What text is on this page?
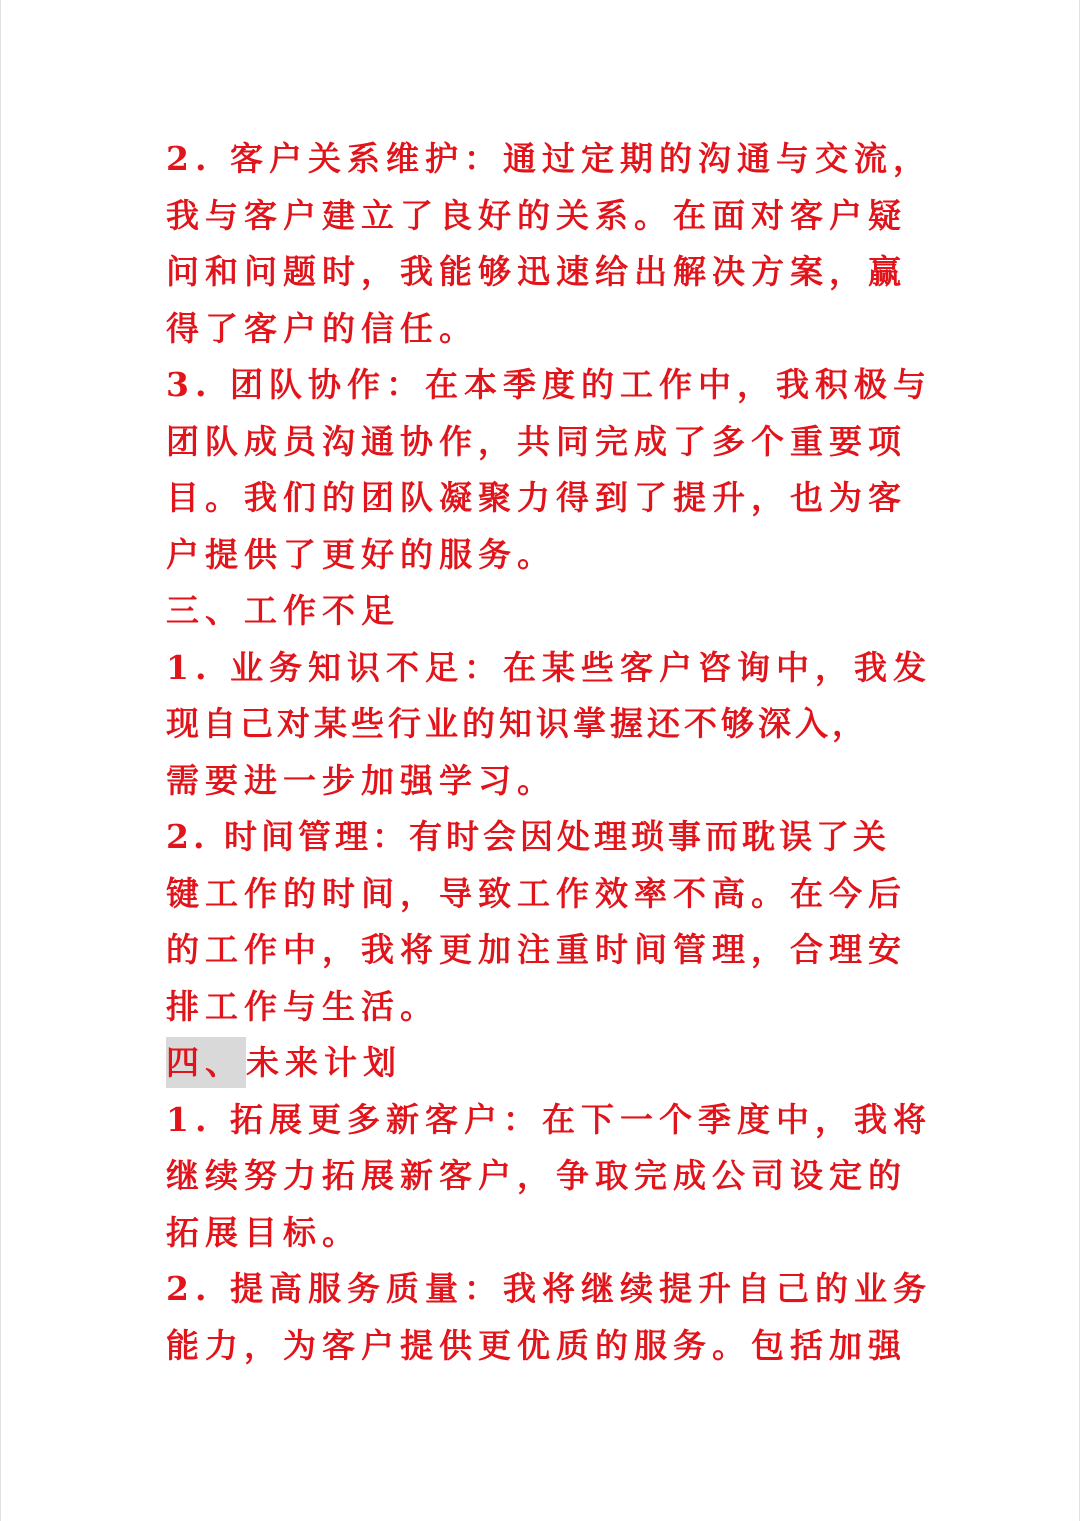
2. 客户关系维护：通过定期的沟通与交流，
我与客户建立了良好的关系。在面对客户疑
问和问题时，我能够迅速给出解决方案，赢
得了客户的信任。
3. 团队协作：在本季度的工作中，我积极与
团队成员沟通协作，共同完成了多个重要项
目。我们的团队凝聚力得到了提升，也为客
户提供了更好的服务。
三、工作不足
1. 业务知识不足：在某些客户咨询中，我发
现自己对某些行业的知识掌握还不够深入，
需要进一步加强学习。
2. 时间管理：有时会因处理琐事而耽误了关
键工作的时间，导致工作效率不高。在今后
的工作中，我将更加注重时间管理，合理安
排工作与生活。
四、未来计划
1. 拓展更多新客户：在下一个季度中，我将
继续努力拓展新客户，争取完成公司设定的
拓展目标。
2. 提高服务质量：我将继续提升自己的业务
能力，为客户提供更优质的服务。包括加强
